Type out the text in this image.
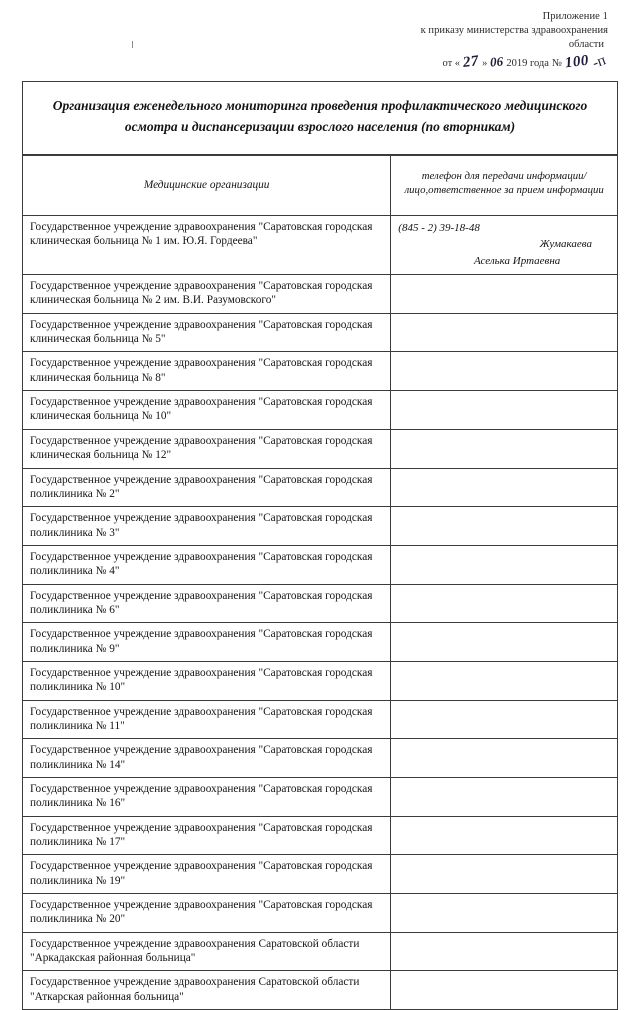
Приложение 1
к приказу министерства здравоохранения
области
от « 27 » 06 2019 года № 100 -п
Организация еженедельного мониторинга проведения профилактического медицинского осмотра и диспансеризации взрослого населения (по вторникам)
Медицинские организации	телефон для передачи информации/лицо,ответственное за прием информации
Государственное учреждение здравоохранения "Саратовская городская клиническая больница № 1 им. Ю.Я. Гордеева"	(845 - 2) 39-18-48
Жумакаева
Аселька Иртаевна

Государственное учреждение здравоохранения "Саратовская городская клиническая больница № 2 им. В.И. Разумовского"	
Государственное учреждение здравоохранения "Саратовская городская клиническая больница № 5"	
Государственное учреждение здравоохранения "Саратовская городская клиническая больница № 8"	
Государственное учреждение здравоохранения "Саратовская городская клиническая больница № 10"	
Государственное учреждение здравоохранения "Саратовская городская клиническая больница № 12"	
Государственное учреждение здравоохранения "Саратовская городская поликлиника № 2"	
Государственное учреждение здравоохранения "Саратовская городская поликлиника № 3"	
Государственное учреждение здравоохранения "Саратовская городская поликлиника № 4"	
Государственное учреждение здравоохранения "Саратовская городская поликлиника № 6"	
Государственное учреждение здравоохранения "Саратовская городская поликлиника № 9"	
Государственное учреждение здравоохранения "Саратовская городская поликлиника № 10"	
Государственное учреждение здравоохранения "Саратовская городская поликлиника № 11"	
Государственное учреждение здравоохранения "Саратовская городская поликлиника № 14"	
Государственное учреждение здравоохранения "Саратовская городская поликлиника № 16"	
Государственное учреждение здравоохранения "Саратовская городская поликлиника № 17"	
Государственное учреждение здравоохранения "Саратовская городская поликлиника № 19"	
Государственное учреждение здравоохранения "Саратовская городская поликлиника № 20"	
Государственное учреждение здравоохранения Саратовской области "Аркадакская районная больница"	
Государственное учреждение здравоохранения Саратовской области "Аткарская районная больница"	
